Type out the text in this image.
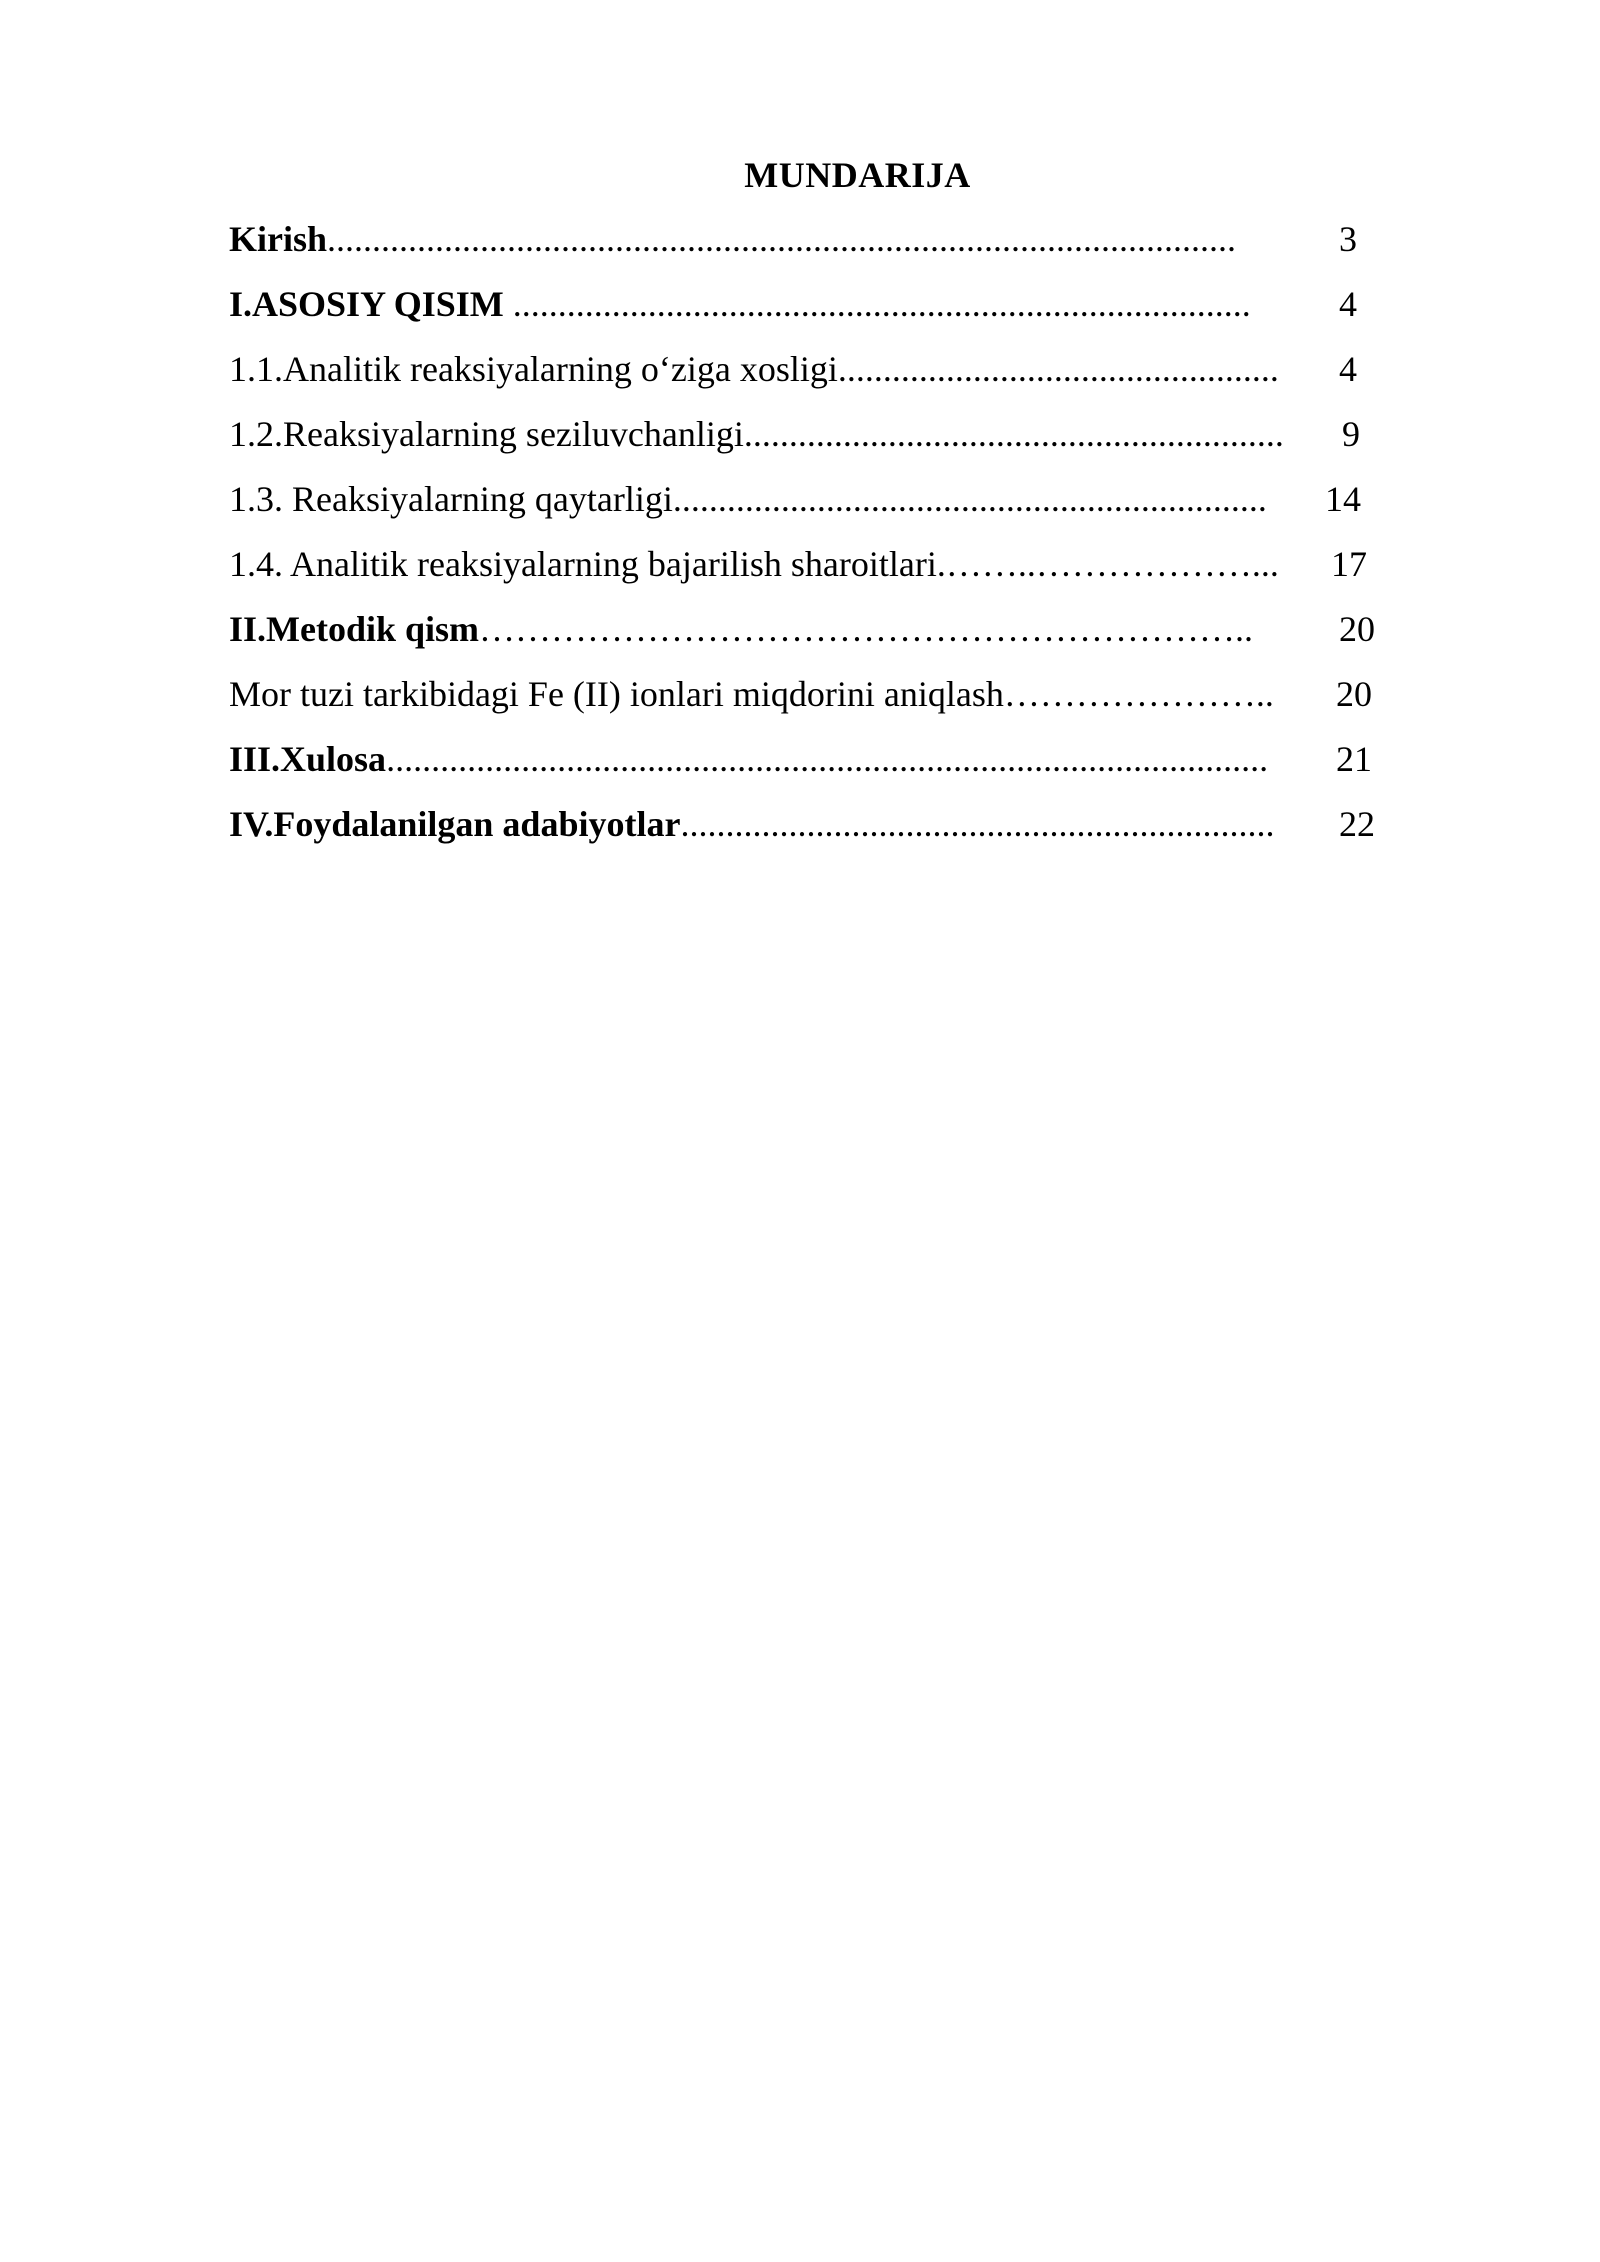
MUNDARIJA
Kirish.....................................................................................................	3
I.ASOSIY QISIM .................................................................................. 4
1.1.Analitik reaksiyalarning o‘ziga xosligi................................................. 4
1.2.Reaksiyalarning seziluvchanligi............................................................ 9
1.3. Reaksiyalarning qaytarligi.................................................................. 14
1.4. Analitik reaksiyalarning bajarilish sharoitlari.……..………………... 17
II.Metodik qism……………………………………………………….. 20
Mor tuzi tarkibidagi Fe (II) ionlari miqdorini aniqlash………………….. 20
III.Xulosa.................................................................................................. 21
IV.Foydalanilgan adabiyotlar.................................................................. 22
